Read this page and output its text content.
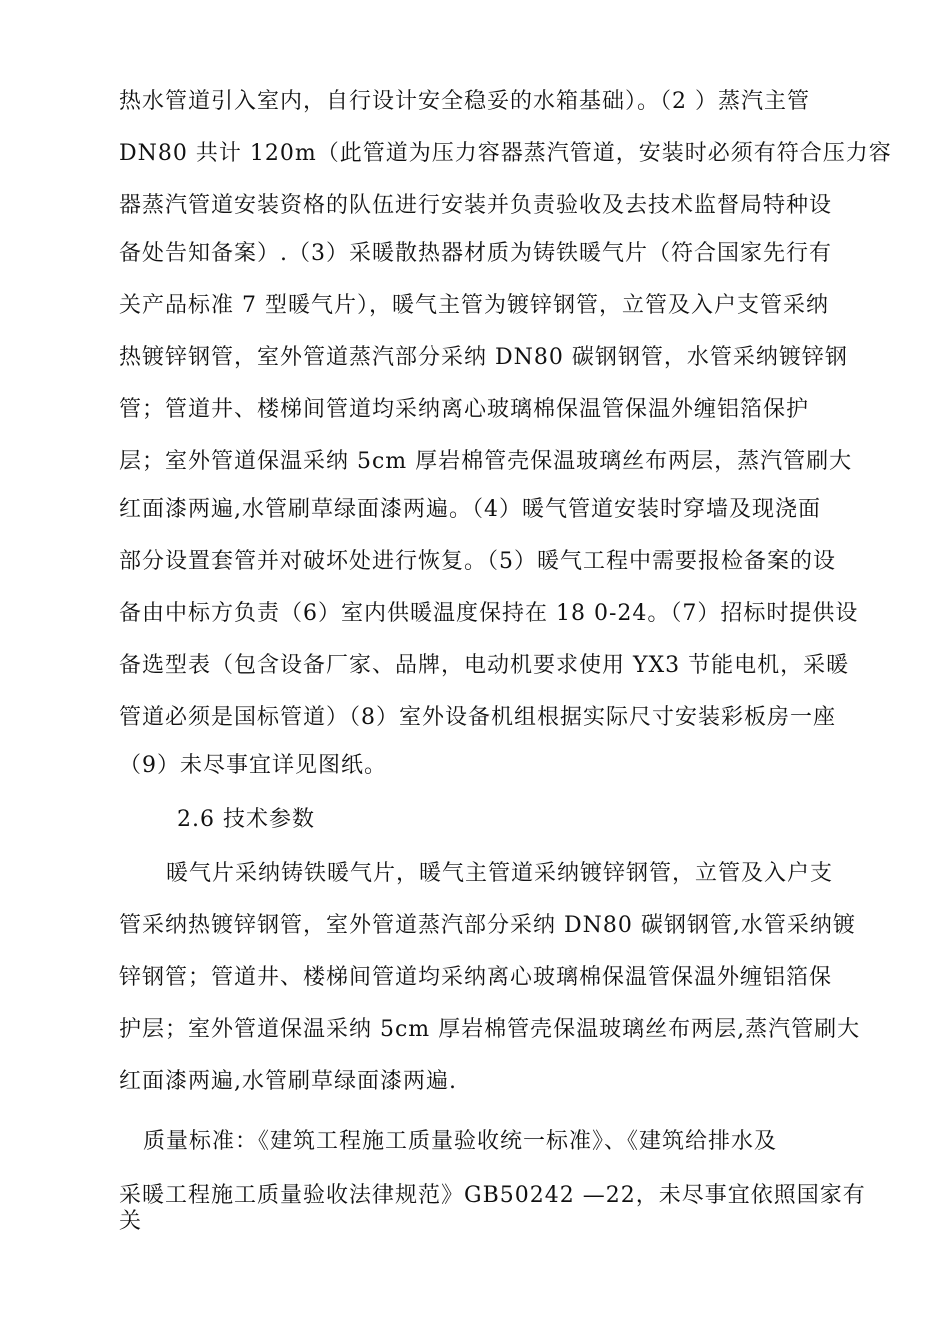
热水管道引入室内，自行设计安全稳妥的水箱基础）。（2 ）蒸汽主管
DN80 共计 120m（此管道为压力容器蒸汽管道，安装时必须有符合压力容
器蒸汽管道安装资格的队伍进行安装并负责验收及去技术监督局特种设
备处告知备案）.（3）采暖散热器材质为铸铁暖气片（符合国家先行有
关产品标准 7 型暖气片），暖气主管为镀锌钢管，立管及入户支管采纳
热镀锌钢管，室外管道蒸汽部分采纳 DN80 碳钢钢管，水管采纳镀锌钢
管；管道井、楼梯间管道均采纳离心玻璃棉保温管保温外缠铝箔保护
层；室外管道保温采纳 5cm 厚岩棉管壳保温玻璃丝布两层，蒸汽管刷大
红面漆两遍,水管刷草绿面漆两遍。（4）暖气管道安装时穿墙及现浇面
部分设置套管并对破坏处进行恢复。（5）暖气工程中需要报检备案的设
备由中标方负责（6）室内供暖温度保持在 18 0-24。（7）招标时提供设
备选型表（包含设备厂家、品牌，电动机要求使用 YX3 节能电机，采暖
管道必须是国标管道）（8）室外设备机组根据实际尺寸安装彩板房一座
（9）未尽事宜详见图纸。
2.6 技术参数
暖气片采纳铸铁暖气片，暖气主管道采纳镀锌钢管，立管及入户支
管采纳热镀锌钢管，室外管道蒸汽部分采纳 DN80 碳钢钢管,水管采纳镀
锌钢管；管道井、楼梯间管道均采纳离心玻璃棉保温管保温外缠铝箔保
护层；室外管道保温采纳 5cm 厚岩棉管壳保温玻璃丝布两层,蒸汽管刷大
红面漆两遍,水管刷草绿面漆两遍.
质量标准：《建筑工程施工质量验收统一标准》、《建筑给排水及
采暖工程施工质量验收法律规范》GB50242 —22，未尽事宜依照国家有
关
